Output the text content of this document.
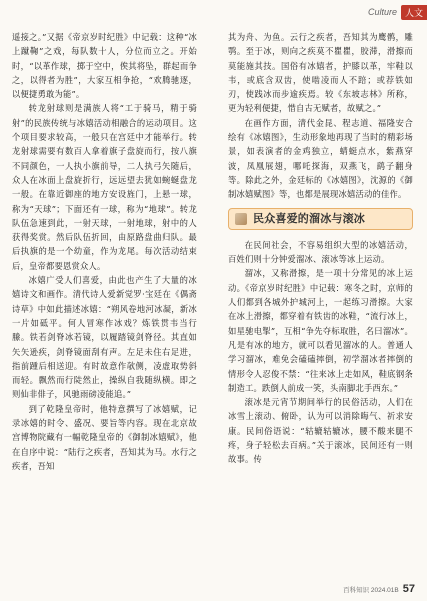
Culture 人文

遥接之。”又据《帝京岁时纪胜》中记载：这种“冰上蹴鞠”之戏，每队数十人，分位而立之。开始时，“以革作球，掷于空中，俟其将坠，群起而争之，以得者为胜”，大家互相争抢，“欢腾驰逐，以便捷勇敢为能”。

转龙射球则是满族人将“工于骑马，精于骑射”的民族传统与冰嬉活动相融合的运动项目。这个项目要求较高，一般只在宫廷中才能举行。转龙射球需要有数百人拿着旗子盘旋而行，按八旗不同颜色，一人执小旗前导，二人执弓矢随后，众人在冰面上盘旋折行，远远望去犹如蜿蜒盘龙一般。在靠近御座的地方安设旌门，上悬一球，称为“天球”；下面还有一球，称为“地球”。转龙队伍急速到此，一射天球，一射地球，射中的人获得奖赏。然后队伍折回，由原路盘曲归队。最后执旗的是一个幼童，作为龙尾。每次活动结束后，皇帝都要恩赏众人。

冰嬉广受人们喜爱，由此也产生了大量的冰嬉诗文和画作。清代诗人爱新觉罗·宝廷在《偶斋诗草》中如此描述冰嬉：“朔风卷地河冰凝，新冰一片如砥平。何人冒寒作冰戏？炼铁贯韦当行縢。铁若剑脊冰若镜，以履踏镜剑脊径。其直如矢矢逊疾，剑脊镜面刮有声。左足未住右足进，指前踵后相送迎。有时故意作欹侧，凌虚取势斜而轻。飘然而行陡然止，操纵自我随纵横。即之则仙非俳子，风驰雨磅凌能追。”

到了乾隆皇帝时，他特意撰写了冰嬉赋，记录冰嬉的时令、盛况、要旨等内容。现在北京故宫博物院藏有一幅乾隆皇帝的《御制冰嬉赋》，他在自序中说：“陆行之疾者，吾知其为马。水行之疾者，吾知

其为舟、为鱼。云行之疾者，吾知其为鹰鹘，雕鹗。至于冰，则向之疾莫不瞿瞿，胶滞，滑擦而莫能施其技。国俗有冰嬉者，护膝以革，牢鞋以韦，或底含双齿，使啮凌而人不踣；或荐铁如刃，使践冰而步逾疾焉。较《东坡志林》所称，更为轻利便捷，惜自古无赋者，故赋之。”

在画作方面，清代金昆、程志道、福隆安合绘有《冰嬉图》，生动形象地再现了当时的精彩场景，如表演者的金鸡独立，蜻蜓点水，紫燕穿波，凤凰展翅，哪吒探海，双燕飞，鹞子翻身等。除此之外，金廷标的《冰嬉图》，沈源的《御制冰嬉赋图》等，也都是展现冰嬉活动的佳作。

民众喜爱的溜冰与滚冰

在民间社会，不容易组织大型的冰嬉活动，百姓们则十分钟爱溜冰、滚冰等冰上运动。

溜冰，又称滑擦，是一项十分常见的冰上运动。《帝京岁时纪胜》中记载：寒冬之时，京师的人们都到各城外护城河上，一起练习滑擦。大家在冰上滑擦，都穿着有铁齿的冰鞋，“流行冰上，如星驰电掣”，互相“争先夺标取胜，名曰溜冰”。凡是有冰的地方，就可以看见溜冰的人。普通人学习溜冰，难免会磕磕摔倒，初学溜冰者摔倒的情形令人忍俊不禁：“往来冰上走如风，鞋底钢条制造工。跌倒人前成一笑，头南脚北手西东。”

滚冰是元宵节期间举行的民俗活动，人们在冰雪上滚动、俯卧，认为可以消除晦气、祈求安康。民间俗语说：“轱辘轱辘冰，腰不酸来腿不疼，身子轻松去百病。”关于滚冰，民间还有一则故事。传

百科知识 2024.01B 57
